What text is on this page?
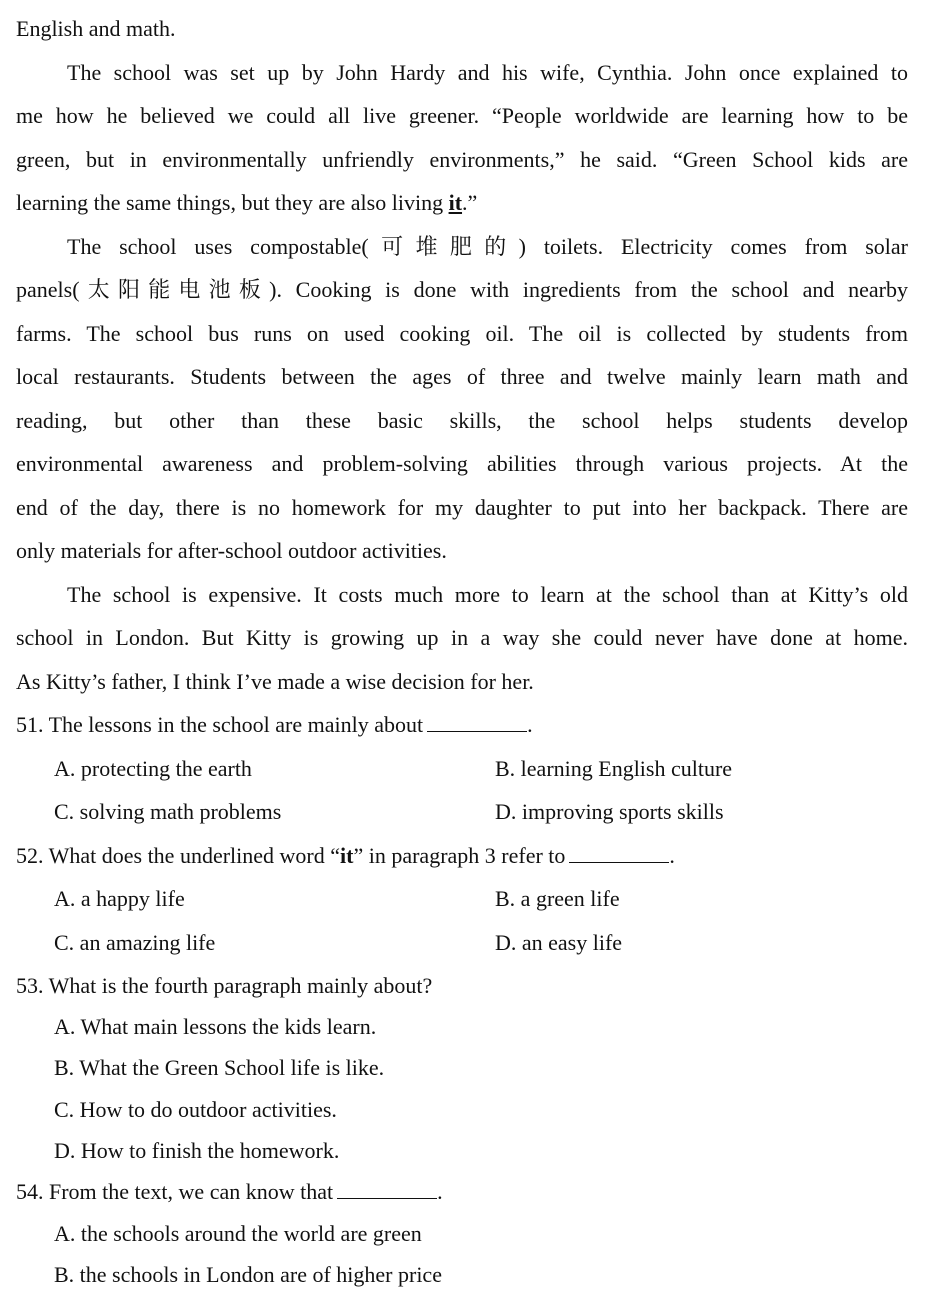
English and math.
The school was set up by John Hardy and his wife, Cynthia. John once explained to
me how he believed we could all live greener. “People worldwide are learning how to be
green, but in environmentally unfriendly environments,” he said. “Green School kids are
learning the same things, but they are also living it.”
The school uses compostable(可堆肥的) toilets. Electricity comes from solar
panels(太阳能电池板). Cooking is done with ingredients from the school and nearby
farms. The school bus runs on used cooking oil. The oil is collected by students from
local restaurants. Students between the ages of three and twelve mainly learn math and
reading, but other than these basic skills, the school helps students develop
environmental awareness and problem-solving abilities through various projects. At the
end of the day, there is no homework for my daughter to put into her backpack. There are
only materials for after-school outdoor activities.
The school is expensive. It costs much more to learn at the school than at Kitty’s old
school in London. But Kitty is growing up in a way she could never have done at home.
As Kitty’s father, I think I’ve made a wise decision for her.
51. The lessons in the school are mainly about	.
A. protecting the earth	B. learning English culture
C. solving math problems	D. improving sports skills
52. What does the underlined word “it” in paragraph 3 refer to	.
A. a happy life	B. a green life
C. an amazing life	D. an easy life
53. What is the fourth paragraph mainly about?
A. What main lessons the kids learn.
B. What the Green School life is like.
C. How to do outdoor activities.
D. How to finish the homework.
54. From the text, we can know that	.
A. the schools around the world are green
B. the schools in London are of higher price
